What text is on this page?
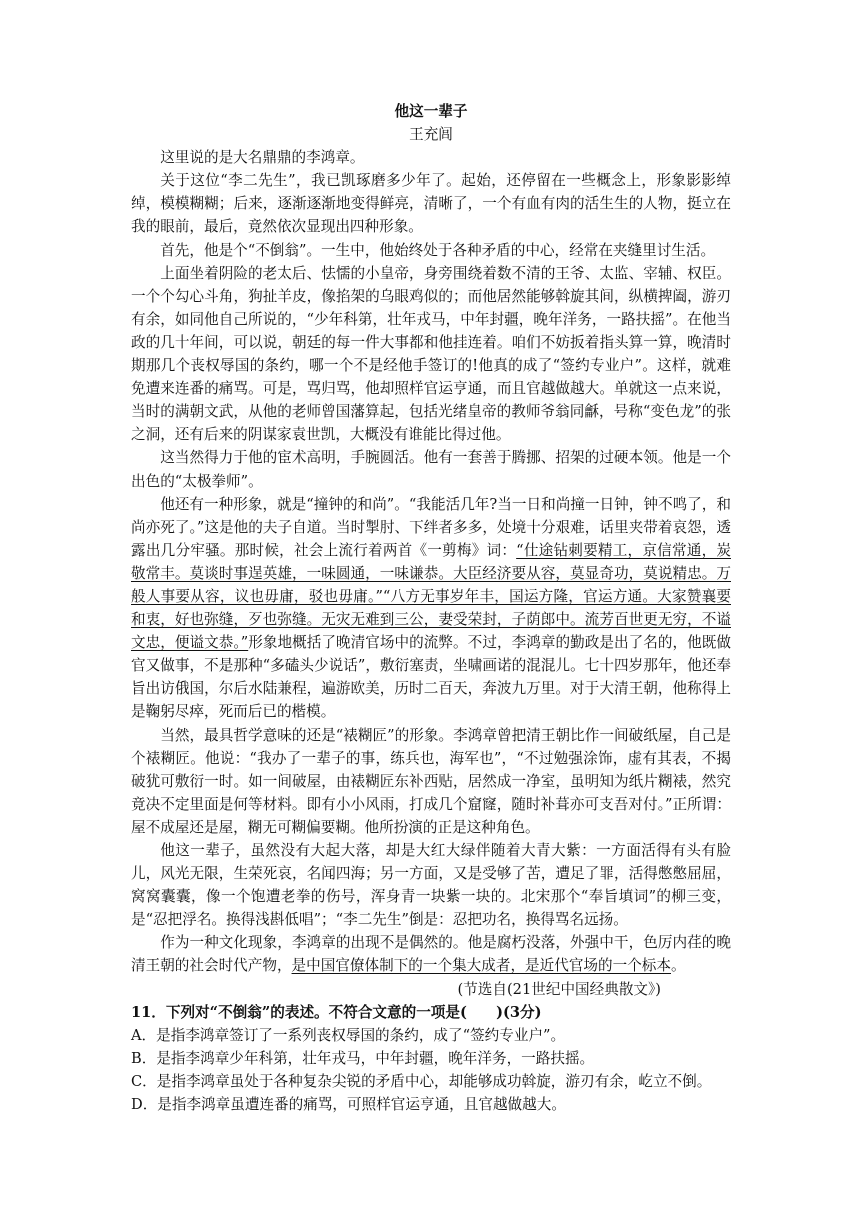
他这一辈子

王充闾

这里说的是大名鼎鼎的李鸿章。

关于这位“李二先生”，我已凯琢磨多少年了。起始，还停留在一些概念上，形象影影绰绰，模模糊糊；后来，逐渐逐渐地变得鲜亮，清晰了，一个有血有肉的活生生的人物，挺立在我的眼前，最后，竟然依次显现出四种形象。

首先，他是个“不倒翁”。一生中，他始终处于各种矛盾的中心，经常在夹缝里讨生活。

上面坐着阴险的老太后、怯懦的小皇帝，身旁围绕着数不清的王爷、太监、宰辅、权臣。一个个勾心斗角，狗扯羊皮，像掐架的乌眼鸡似的；而他居然能够斡旋其间，纵横捭阖，游刃有余，如同他自己所说的，“少年科第，壮年戎马，中年封疆，晚年洋务，一路扶摇”。在他当政的几十年间，可以说，朝廷的每一件大事都和他挂连着。咱们不妨扳着指头算一算，晚清时期那几个丧权辱国的条约，哪一个不是经他手签订的!他真的成了“签约专业户”。这样，就难免遭来连番的痛骂。可是，骂归骂，他却照样官运亨通，而且官越做越大。单就这一点来说，当时的满朝文武，从他的老师曾国藩算起，包括光绪皇帝的教师爷翁同龢，号称“变色龙”的张之洞，还有后来的阴谋家袁世凯，大概没有谁能比得过他。

这当然得力于他的宦术高明，手腕圆活。他有一套善于腾挪、招架的过硬本领。他是一个出色的“太极拳师”。

他还有一种形象，就是“撞钟的和尚”。“我能活几年?当一日和尚撞一日钟，钟不鸣了，和尚亦死了。”这是他的夫子自道。当时掣肘、下绊者多多，处境十分艰难，话里夹带着哀怨，透露出几分牢骚。那时候，社会上流行着两首《一剪梅》词：“仕途钻刺要精工，京信常通，炭敬常丰。莫谈时事逞英雄，一味圆通，一味谦恭。大臣经济要从容，莫显奇功，莫说精忠。万般人事要从容，议也毋庸，驳也毋庸。”“八方无事岁年丰，国运方隆，官运方通。大家赞襄要和衷，好也弥缝，歹也弥缝。无灾无难到三公，妻受荣封，子荫郎中。流芳百世更无穷，不谥文忠，便谥文恭。”形象地概括了晚清官场中的流弊。不过，李鸿章的勤政是出了名的，他既做官又做事，不是那种“多磕头少说话”，敷衍塞责，坐啸画诺的混混儿。七十四岁那年，他还奉旨出访俄国，尔后水陆兼程，遍游欧美，历时二百天，奔波九万里。对于大清王朝，他称得上是鞠躬尽瘁，死而后已的楷模。

当然，最具哲学意味的还是“裱糊匠”的形象。李鸿章曾把清王朝比作一间破纸屋，自己是个裱糊匠。他说：“我办了一辈子的事，练兵也，海军也”，“不过勉强涂饰，虚有其表，不揭破犹可敷衍一时。如一间破屋，由裱糊匠东补西贴，居然成一净室，虽明知为纸片糊裱，然究竟决不定里面是何等材料。即有小小风雨，打成几个窟窿，随时补葺亦可支吾对付。”正所谓：屋不成屋还是屋，糊无可糊偏要糊。他所扮演的正是这种角色。

他这一辈子，虽然没有大起大落，却是大红大绿伴随着大青大紫：一方面活得有头有脸儿，风光无限，生荣死哀，名闻四海；另一方面，又是受够了苦，遭足了罪，活得憋憋屈屈，窝窝囊囊，像一个饱遭老拳的伤号，浑身青一块紫一块的。北宋那个“奉旨填词”的柳三变，是“忍把浮名。换得浅斟低唱”；“李二先生”倒是：忍把功名，换得骂名远扬。

作为一种文化现象，李鸿章的出现不是偶然的。他是腐朽没落，外强中干，色厉内荏的晚清王朝的社会时代产物，是中国官僚体制下的一个集大成者，是近代官场的一个标本。

(节选自(21世纪中国经典散文》)

11．下列对“不倒翁”的表述。不符合文意的一项是(　　)(3分)

A．是指李鸿章签订了一系列丧权辱国的条约，成了“签约专业户”。

B．是指李鸿章少年科第，壮年戎马，中年封疆，晚年洋务，一路扶摇。

C．是指李鸿章虽处于各种复杂尖锐的矛盾中心，却能够成功斡旋，游刃有余，屹立不倒。

D．是指李鸿章虽遭连番的痛骂，可照样官运亨通，且官越做越大。
